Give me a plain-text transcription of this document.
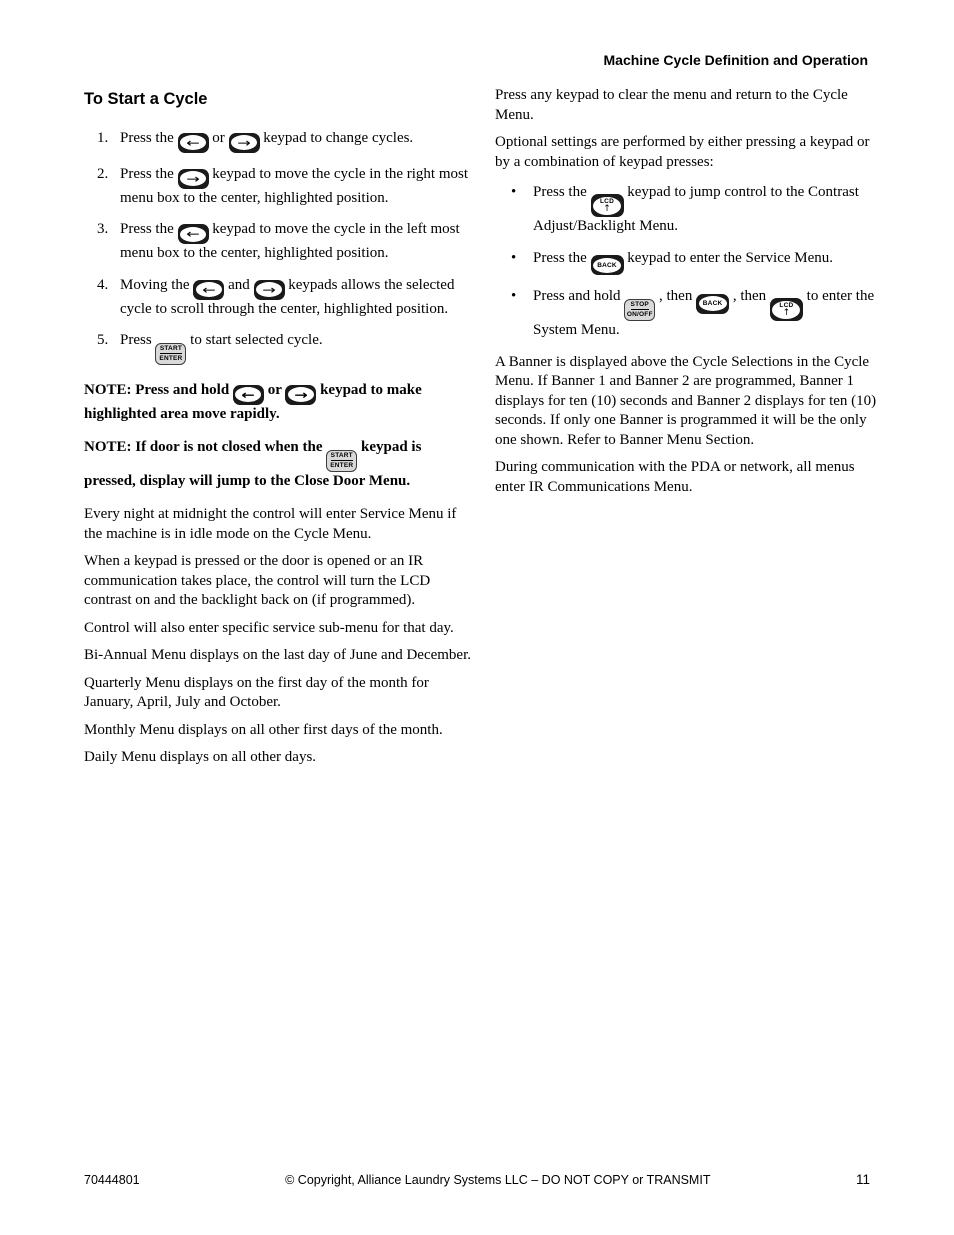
Machine Cycle Definition and Operation
To Start a Cycle
1. Press the ← or → keypad to change cycles.
2. Press the → keypad to move the cycle in the right most menu box to the center, highlighted position.
3. Press the ← keypad to move the cycle in the left most menu box to the center, highlighted position.
4. Moving the ← and → keypads allows the selected cycle to scroll through the center, highlighted position.
5. Press
START
ENTER
to start selected cycle.
NOTE: Press and hold ← or → keypad to make highlighted area move rapidly.
NOTE: If door is not closed when the
START
ENTER
keypad is pressed, display will jump to the Close Door Menu.
Every night at midnight the control will enter Service Menu if the machine is in idle mode on the Cycle Menu.
When a keypad is pressed or the door is opened or an IR communication takes place, the control will turn the LCD contrast on and the backlight back on (if programmed).
Control will also enter specific service sub-menu for that day.
Bi-Annual Menu displays on the last day of June and December.
Quarterly Menu displays on the first day of the month for January, April, July and October.
Monthly Menu displays on all other first days of the month.
Daily Menu displays on all other days.
Press any keypad to clear the menu and return to the Cycle Menu.
Optional settings are performed by either pressing a keypad or by a combination of keypad presses:
•	Press the
LCD
↑
keypad to jump control to the Contrast Adjust/Backlight Menu.
•	Press the BACK keypad to enter the Service Menu.
•	Press and hold
STOP
ON/OFF
, then BACK , then
LCD
↑
to enter the System Menu.
A Banner is displayed above the Cycle Selections in the Cycle Menu. If Banner 1 and Banner 2 are programmed, Banner 1 displays for ten (10) seconds and Banner 2 displays for ten (10) seconds. If only one Banner is programmed it will be the only one shown. Refer to Banner Menu Section.
During communication with the PDA or network, all menus enter IR Communications Menu.
70444801	© Copyright, Alliance Laundry Systems LLC – DO NOT COPY or TRANSMIT	11
